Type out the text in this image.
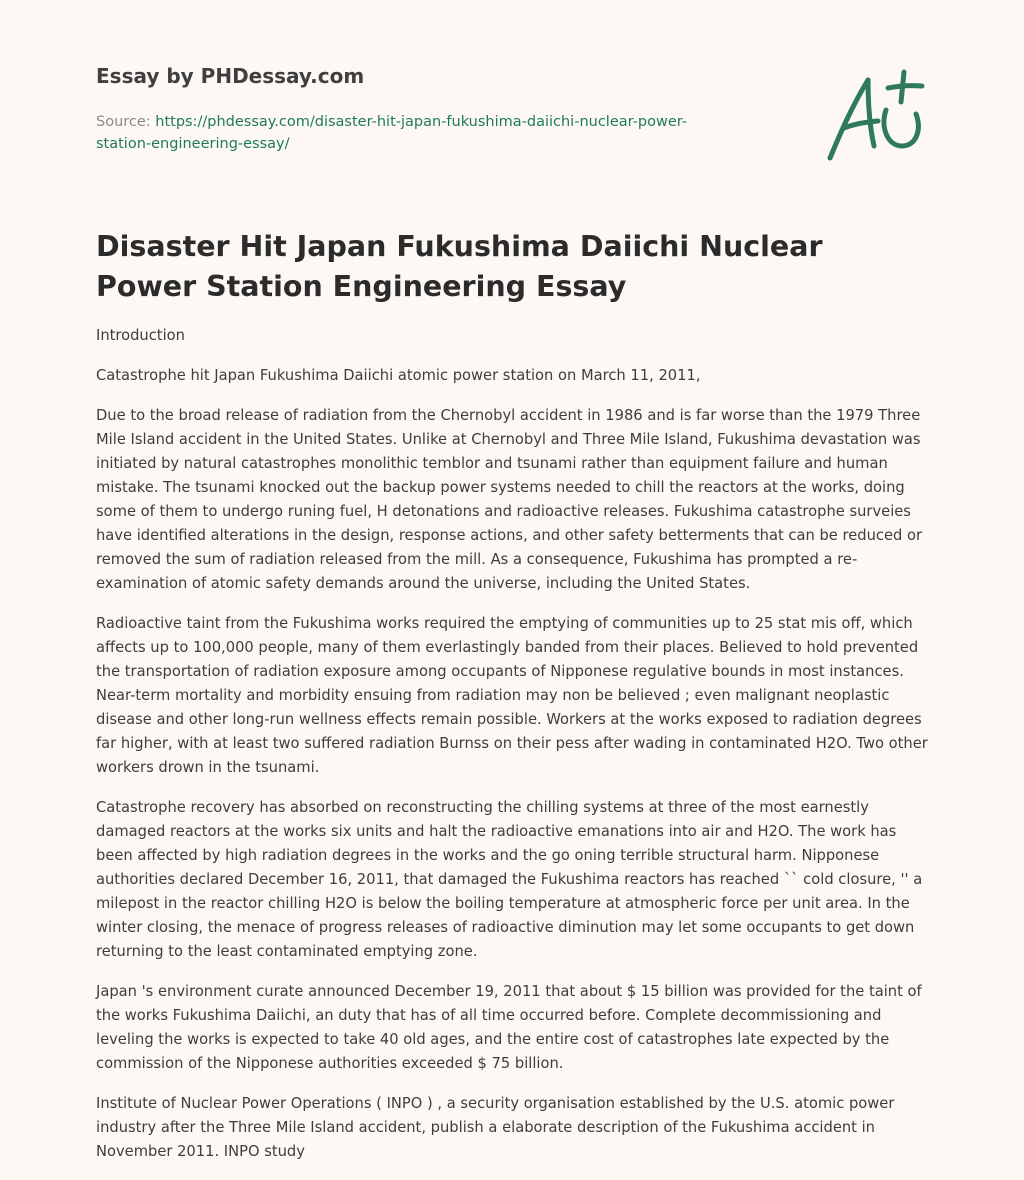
Essay by PHDessay.com
Source: https://phdessay.com/disaster-hit-japan-fukushima-daiichi-nuclear-power-station-engineering-essay/
Disaster Hit Japan Fukushima Daiichi Nuclear Power Station Engineering Essay

Introduction

Catastrophe hit Japan Fukushima Daiichi atomic power station on March 11, 2011,

Due to the broad release of radiation from the Chernobyl accident in 1986 and is far worse than the 1979 Three Mile Island accident in the United States. Unlike at Chernobyl and Three Mile Island, Fukushima devastation was initiated by natural catastrophes monolithic temblor and tsunami rather than equipment failure and human mistake. The tsunami knocked out the backup power systems needed to chill the reactors at the works, doing some of them to undergo runing fuel, H detonations and radioactive releases. Fukushima catastrophe surveies have identified alterations in the design, response actions, and other safety betterments that can be reduced or removed the sum of radiation released from the mill. As a consequence, Fukushima has prompted a re-examination of atomic safety demands around the universe, including the United States.

Radioactive taint from the Fukushima works required the emptying of communities up to 25 stat mis off, which affects up to 100,000 people, many of them everlastingly banded from their places. Believed to hold prevented the transportation of radiation exposure among occupants of Nipponese regulative bounds in most instances. Near-term mortality and morbidity ensuing from radiation may non be believed ; even malignant neoplastic disease and other long-run wellness effects remain possible. Workers at the works exposed to radiation degrees far higher, with at least two suffered radiation Burnss on their pess after wading in contaminated H2O. Two other workers drown in the tsunami.

Catastrophe recovery has absorbed on reconstructing the chilling systems at three of the most earnestly damaged reactors at the works six units and halt the radioactive emanations into air and H2O. The work has been affected by high radiation degrees in the works and the go oning terrible structural harm. Nipponese authorities declared December 16, 2011, that damaged the Fukushima reactors has reached `` cold closure, '' a milepost in the reactor chilling H2O is below the boiling temperature at atmospheric force per unit area. In the winter closing, the menace of progress releases of radioactive diminution may let some occupants to get down returning to the least contaminated emptying zone.

Japan 's environment curate announced December 19, 2011 that about $ 15 billion was provided for the taint of the works Fukushima Daiichi, an duty that has of all time occurred before. Complete decommissioning and leveling the works is expected to take 40 old ages, and the entire cost of catastrophes late expected by the commission of the Nipponese authorities exceeded $ 75 billion.

Institute of Nuclear Power Operations ( INPO ) , a security organisation established by the U.S. atomic power industry after the Three Mile Island accident, publish a elaborate description of the Fukushima accident in November 2011. INPO study
